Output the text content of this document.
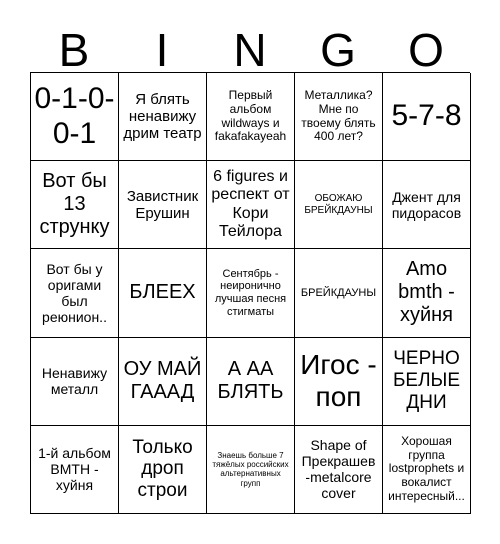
B	I	N	G	O
0-1-0-0-1
Я блять ненавижу дрим театр
Первый альбом wildways и fakafakayeah
Металлика? Мне по твоему блять 400 лет?
5-7-8
Вот бы 13 струнку
Завистник Ерушин
6 figures и респект от Кори Тейлора
ОБОЖАЮ БРЕЙКДАУНЫ
Джент для пидорасов
Вот бы у оригами был реюнион..
БЛЕЕХ
Сентябрь - неиронично лучшая песня стигматы
БРЕЙКДАУНЫ
Amo bmth - хуйня
Ненавижу металл
ОУ МАЙ ГАААД
А АА БЛЯТЬ
Игос - поп
ЧЕРНО БЕЛЫЕ ДНИ
1-й альбом BMTH - хуйня
Только дроп строи
Знаешь больше 7 тяжёлых российских альтернативных групп
Shape of Прекрашев -metalcore cover
Хорошая группа lostprophets и вокалист интересный...
